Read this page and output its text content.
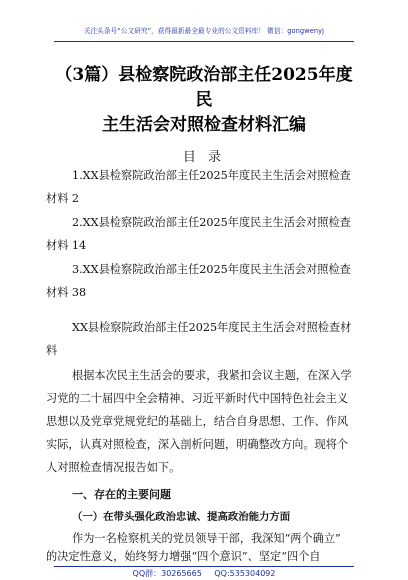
关注头条号“公文研究”，获得最新最全最专业的公文资料库！ 微信：gongwenyj
（3篇）县检察院政治部主任2025年度民
主生活会对照检查材料汇编
目 录
1.XX县检察院政治部主任2025年度民主生活会对照检查
材料 2
2.XX县检察院政治部主任2025年度民主生活会对照检查
材料 14
3.XX县检察院政治部主任2025年度民主生活会对照检查
材料 38
XX县检察院政治部主任2025年度民主生活会对照检查材
料
根据本次民主生活会的要求，我紧扣会议主题，在深入学
习党的二十届四中全会精神、习近平新时代中国特色社会主义
思想以及党章党规党纪的基础上，结合自身思想、工作、作风
实际，认真对照检查，深入剖析问题，明确整改方向。现将个
人对照检查情况报告如下。
一、存在的主要问题
（一）在带头强化政治忠诚、提高政治能力方面
作为一名检察机关的党员领导干部，我深知“两个确立”
QQ群：30265665 QQ:535304092
的决定性意义，始终努力增强“四个意识”、坚定“四个自
